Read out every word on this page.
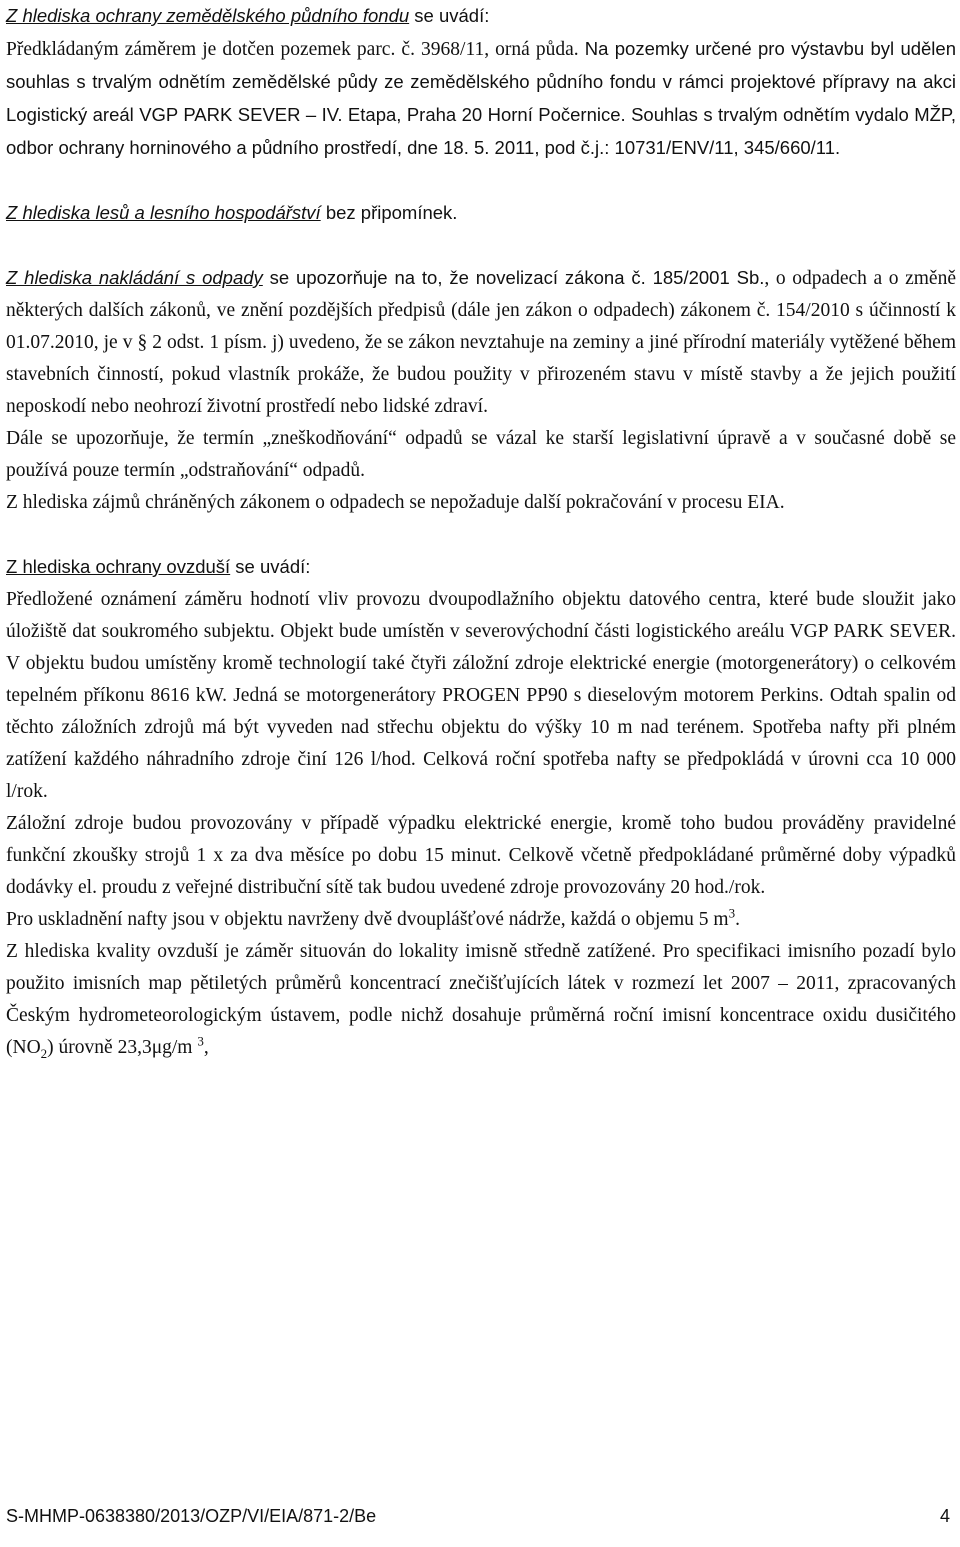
Z hlediska ochrany zemědělského půdního fondu se uvádí:

Předkládaným záměrem je dotčen pozemek parc. č. 3968/11, orná půda. Na pozemky určené pro výstavbu byl udělen souhlas s trvalým odnětím zemědělské půdy ze zemědělského půdního fondu v rámci projektové přípravy na akci Logistický areál VGP PARK SEVER – IV. Etapa, Praha 20 Horní Počernice. Souhlas s trvalým odnětím vydalo MŽP, odbor ochrany horninového a půdního prostředí, dne 18. 5. 2011, pod č.j.: 10731/ENV/11, 345/660/11.

Z hlediska lesů a lesního hospodářství bez připomínek.

Z hlediska nakládání s odpady se upozorňuje na to, že novelizací zákona č. 185/2001 Sb., o odpadech a o změně některých dalších zákonů, ve znění pozdějších předpisů (dále jen zákon o odpadech) zákonem č. 154/2010 s účinností k 01.07.2010, je v § 2 odst. 1 písm. j) uvedeno, že se zákon nevztahuje na zeminy a jiné přírodní materiály vytěžené během stavebních činností, pokud vlastník prokáže, že budou použity v přirozeném stavu v místě stavby a že jejich použití neposkodí nebo neohrozí životní prostředí nebo lidské zdraví.

Dále se upozorňuje, že termín „zneškodňování“ odpadů se vázal ke starší legislativní úpravě a v současné době se používá pouze termín „odstraňování“ odpadů.

Z hlediska zájmů chráněných zákonem o odpadech se nepožaduje další pokračování v procesu EIA.

Z hlediska ochrany ovzduší se uvádí:

Předložené oznámení záměru hodnotí vliv provozu dvoupodlažního objektu datového centra, které bude sloužit jako úložiště dat soukromého subjektu. Objekt bude umístěn v severovýchodní části logistického areálu VGP PARK SEVER. V objektu budou umístěny kromě technologií také čtyři záložní zdroje elektrické energie (motorgenerátory) o celkovém tepelném příkonu 8616 kW. Jedná se motorgenerátory PROGEN PP90 s dieselovým motorem Perkins. Odtah spalin od těchto záložních zdrojů má být vyveden nad střechu objektu do výšky 10 m nad terénem. Spotřeba nafty při plném zatížení každého náhradního zdroje činí 126 l/hod. Celková roční spotřeba nafty se předpokládá v úrovni cca 10 000 l/rok.

Záložní zdroje budou provozovány v případě výpadku elektrické energie, kromě toho budou prováděny pravidelné funkční zkoušky strojů 1 x za dva měsíce po dobu 15 minut. Celkově včetně předpokládané průměrné doby výpadků dodávky el. proudu z veřejné distribuční sítě tak budou uvedené zdroje provozovány 20 hod./rok.

Pro uskladnění nafty jsou v objektu navrženy dvě dvouplášťové nádrže, každá o objemu 5 $m^3$.

Z hlediska kvality ovzduší je záměr situován do lokality imisně středně zatížené. Pro specifikaci imisního pozadí bylo použito imisních map pětiletých průměrů koncentrací znečišťujících látek v rozmezí let 2007 – 2011, zpracovaných Českým hydrometeorologickým ústavem, podle nichž dosahuje průměrná roční imisní koncentrace oxidu dusičitého $(NO_2)$ úrovně 23,3μg/m $^3$,

S-MHMP-0638380/2013/OZP/VI/EIA/871-2/Be	4
